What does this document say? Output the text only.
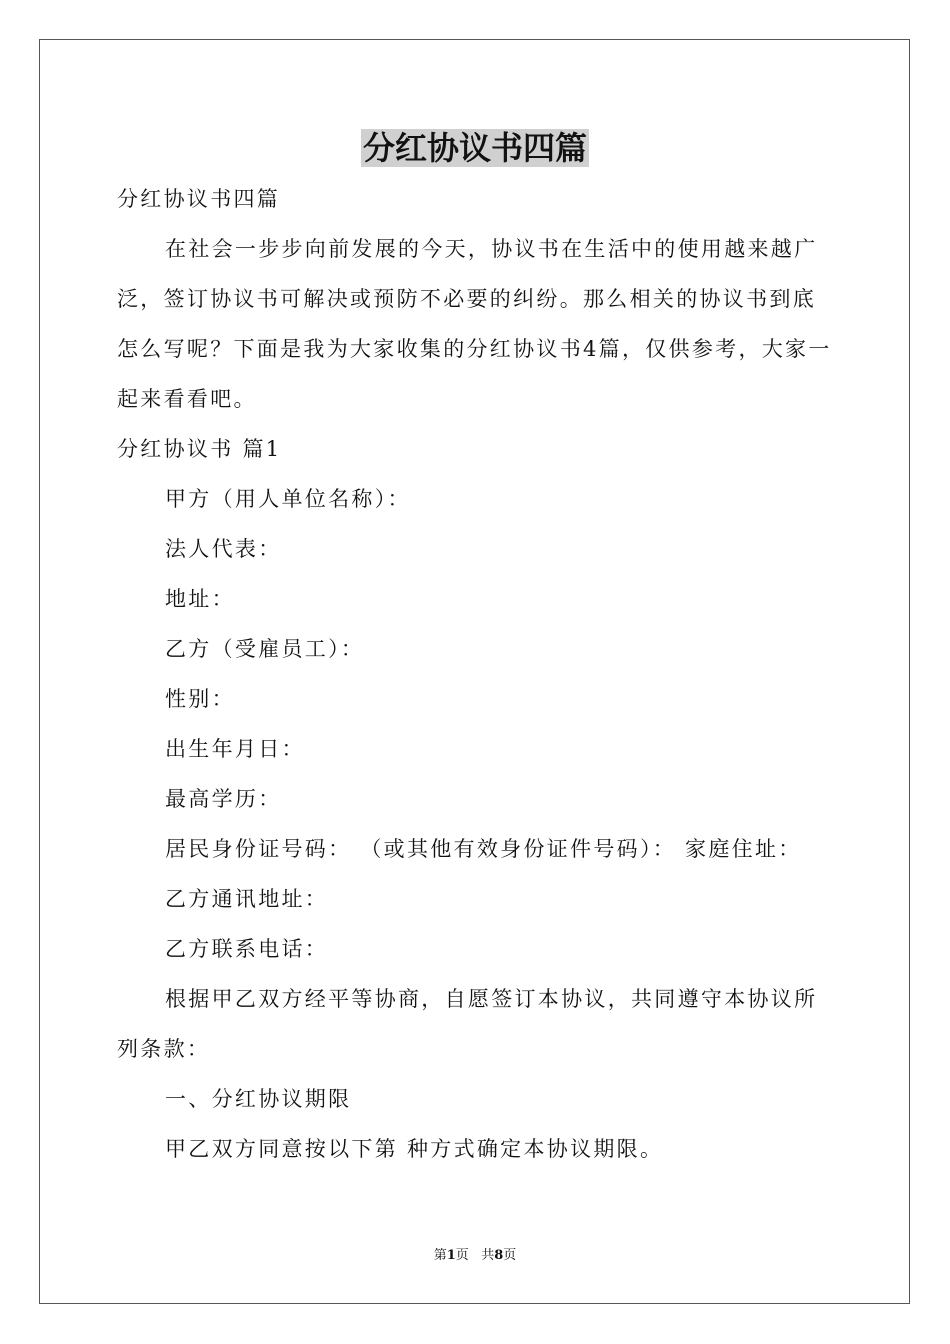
分红协议书四篇

分红协议书四篇

在社会一步步向前发展的今天，协议书在生活中的使用越来越广泛，签订协议书可解决或预防不必要的纠纷。那么相关的协议书到底怎么写呢？下面是我为大家收集的分红协议书4篇，仅供参考，大家一起来看看吧。

分红协议书 篇1

甲方（用人单位名称）：

法人代表：

地址：

乙方（受雇员工）：

性别：

出生年月日：

最高学历：

居民身份证号码： （或其他有效身份证件号码）： 家庭住址：

乙方通讯地址：

乙方联系电话：

根据甲乙双方经平等协商，自愿签订本协议，共同遵守本协议所列条款：

一、分红协议期限

甲乙双方同意按以下第 种方式确定本协议期限。

第1页 共8页
